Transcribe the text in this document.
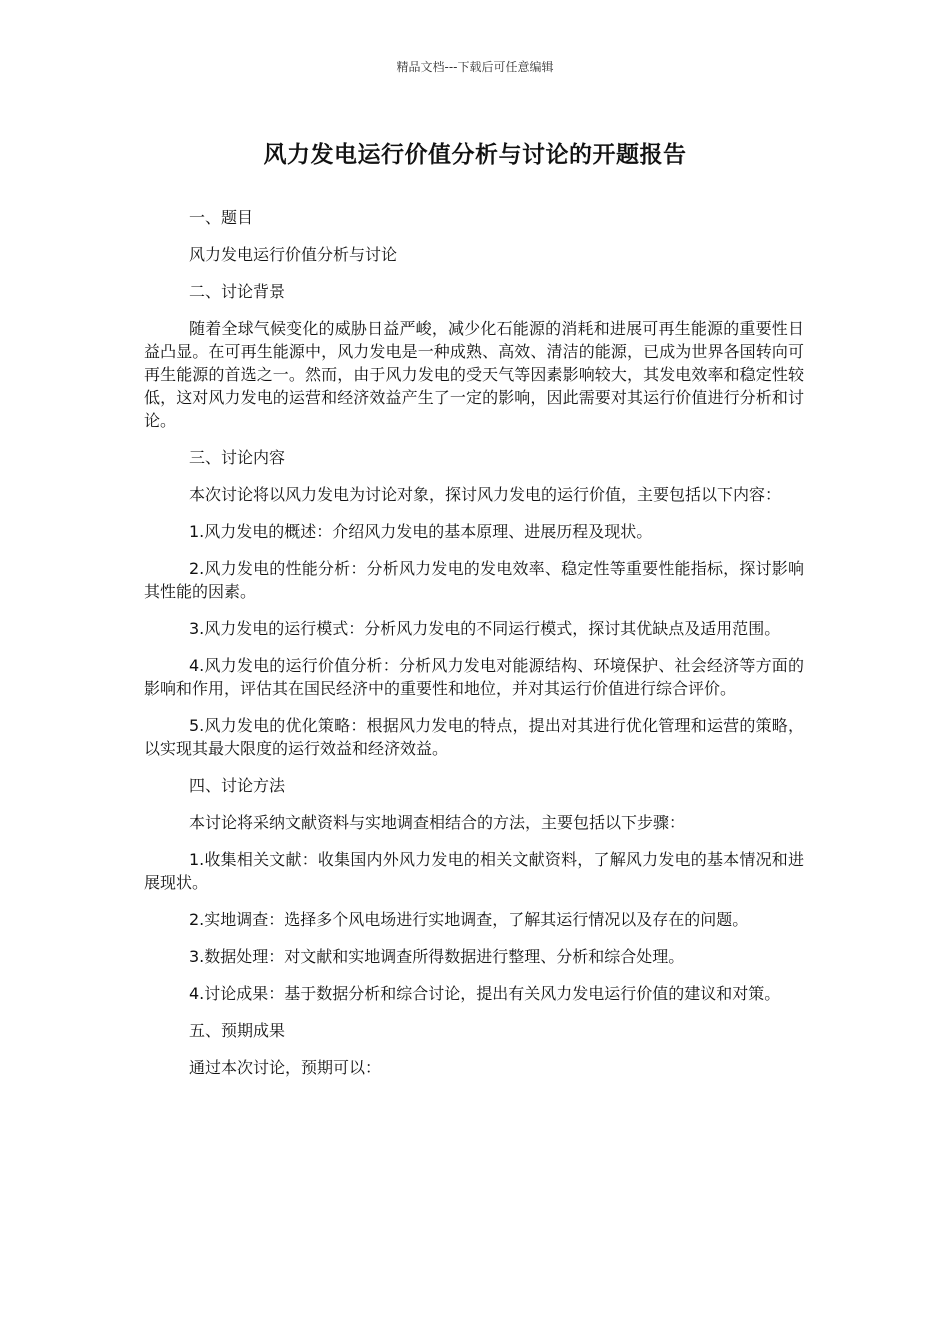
精品文档---下载后可任意编辑
风力发电运行价值分析与讨论的开题报告

一、题目

风力发电运行价值分析与讨论

二、讨论背景

随着全球气候变化的威胁日益严峻，减少化石能源的消耗和进展可再生能源的重要性日益凸显。在可再生能源中，风力发电是一种成熟、高效、清洁的能源，已成为世界各国转向可再生能源的首选之一。然而，由于风力发电的受天气等因素影响较大，其发电效率和稳定性较低，这对风力发电的运营和经济效益产生了一定的影响，因此需要对其运行价值进行分析和讨论。

三、讨论内容

本次讨论将以风力发电为讨论对象，探讨风力发电的运行价值，主要包括以下内容：

1.风力发电的概述：介绍风力发电的基本原理、进展历程及现状。

2.风力发电的性能分析：分析风力发电的发电效率、稳定性等重要性能指标，探讨影响其性能的因素。

3.风力发电的运行模式：分析风力发电的不同运行模式，探讨其优缺点及适用范围。

4.风力发电的运行价值分析：分析风力发电对能源结构、环境保护、社会经济等方面的影响和作用，评估其在国民经济中的重要性和地位，并对其运行价值进行综合评价。

5.风力发电的优化策略：根据风力发电的特点，提出对其进行优化管理和运营的策略，以实现其最大限度的运行效益和经济效益。

四、讨论方法

本讨论将采纳文献资料与实地调查相结合的方法，主要包括以下步骤：

1.收集相关文献：收集国内外风力发电的相关文献资料，了解风力发电的基本情况和进展现状。

2.实地调查：选择多个风电场进行实地调查，了解其运行情况以及存在的问题。

3.数据处理：对文献和实地调查所得数据进行整理、分析和综合处理。

4.讨论成果：基于数据分析和综合讨论，提出有关风力发电运行价值的建议和对策。

五、预期成果

通过本次讨论，预期可以：
